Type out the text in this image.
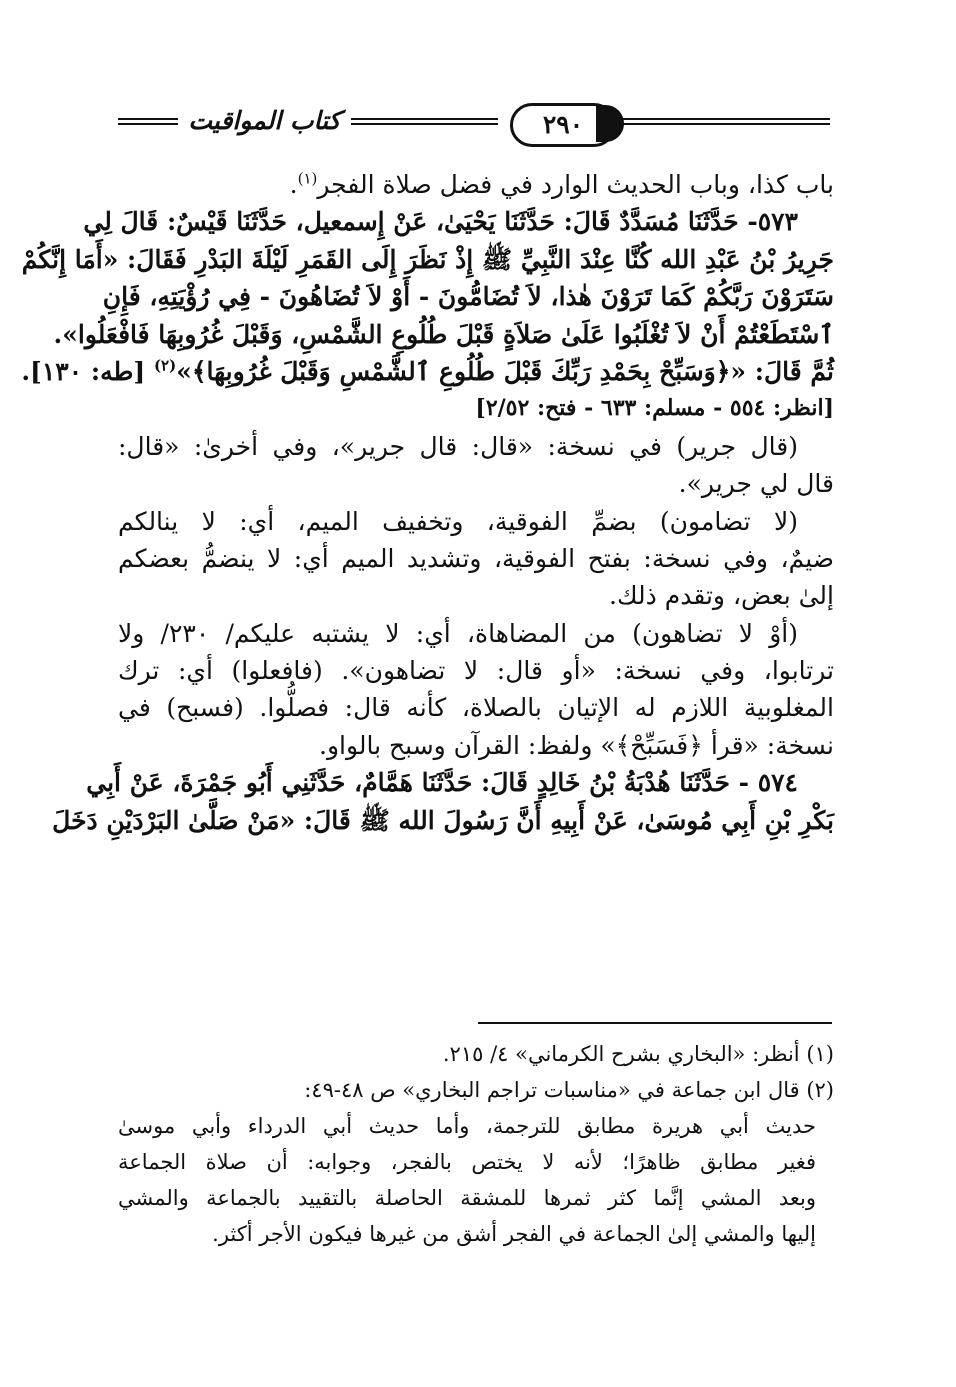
كتاب المواقيت	٢٩٠
باب كذا، وباب الحديث الوارد في فضل صلاة الفجر$^{(١)}$.
٥٧٣- حَدَّثَنَا مُسَدَّدٌ قَالَ: حَدَّثَنَا يَحْيَىٰ، عَنْ إِسمعيل، حَدَّثَنَا قَيْسٌ: قَالَ لِي
جَرِيرُ بْنُ عَبْدِ الله كُنَّا عِنْدَ النَّبِيِّ ﷺ إِذْ نَظَرَ إِلَى القَمَرِ لَيْلَةَ البَدْرِ فَقَالَ: «أَمَا إِنَّكُمْ
سَتَرَوْنَ رَبَّكُمْ كَمَا تَرَوْنَ هٰذا، لاَ تُضَامُّونَ - أَوْ لاَ تُضَاهُونَ - فِي رُؤْيَتِهِ، فَإِنِ
ٱسْتَطَعْتُمْ أَنْ لاَ تُغْلَبُوا عَلَىٰ صَلاَةٍ قَبْلَ طُلُوعِ الشَّمْسِ، وَقَبْلَ غُرُوبِهَا فَافْعَلُوا».
ثُمَّ قَالَ: «﴿وَسَبِّحْ بِحَمْدِ رَبِّكَ قَبْلَ طُلُوعِ ٱلشَّمْسِ وَقَبْلَ غُرُوبِهَا﴾»$^{(٢)}$ [طه: ١٣٠].
[انظر: ٥٥٤ - مسلم: ٦٣٣ - فتح: ٢/٥٢]
(قال جرير) في نسخة: «قال: قال جرير»، وفي أخرىٰ: «قال:
قال لي جرير».
(لا تضامون) بضمِّ الفوقية، وتخفيف الميم، أي: لا ينالكم
ضيمٌ، وفي نسخة: بفتح الفوقية، وتشديد الميم أي: لا ينضمُّ بعضكم
إلىٰ بعض، وتقدم ذلك.
(أوْ لا تضاهون) من المضاهاة، أي: لا يشتبه عليكم/ ٢٣٠/ ولا
ترتابوا، وفي نسخة: «أو قال: لا تضاهون». (فافعلوا) أي: ترك
المغلوبية اللازم له الإتيان بالصلاة، كأنه قال: فصلُّوا. (فسبح) في
نسخة: «قرأ ﴿فَسَبِّحْ﴾» ولفظ: القرآن وسبح بالواو.
٥٧٤ - حَدَّثَنَا هُدْبَةُ بْنُ خَالِدٍ قَالَ: حَدَّثَنَا هَمَّامٌ، حَدَّثَنِي أَبُو جَمْرَةَ، عَنْ أَبِي
بَكْرِ بْنِ أَبِي مُوسَىٰ، عَنْ أَبِيهِ أَنَّ رَسُولَ الله ﷺ قَالَ: «مَنْ صَلَّىٰ البَرْدَيْنِ دَخَلَ
(١) أنظر: «البخاري بشرح الكرماني» ٤/ ٢١٥.
(٢) قال ابن جماعة في «مناسبات تراجم البخاري» ص ٤٨-٤٩:
حديث أبي هريرة مطابق للترجمة، وأما حديث أبي الدرداء وأبي موسىٰ
فغير مطابق ظاهرًا؛ لأنه لا يختص بالفجر، وجوابه: أن صلاة الجماعة
وبعد المشي إنَّما كثر ثمرها للمشقة الحاصلة بالتقييد بالجماعة والمشي
إليها والمشي إلىٰ الجماعة في الفجر أشق من غيرها فيكون الأجر أكثر.
